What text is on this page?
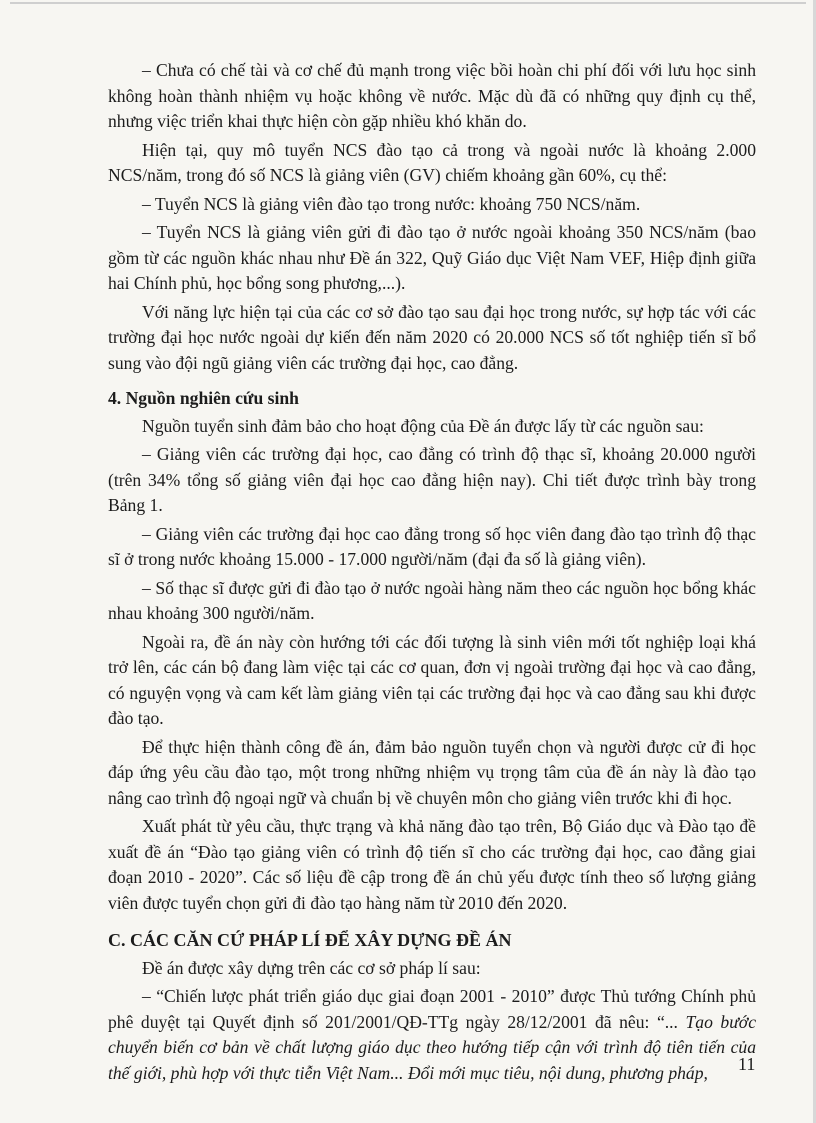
– Chưa có chế tài và cơ chế đủ mạnh trong việc bồi hoàn chi phí đối với lưu học sinh không hoàn thành nhiệm vụ hoặc không về nước. Mặc dù đã có những quy định cụ thể, nhưng việc triển khai thực hiện còn gặp nhiều khó khăn do.

Hiện tại, quy mô tuyển NCS đào tạo cả trong và ngoài nước là khoảng 2.000 NCS/năm, trong đó số NCS là giảng viên (GV) chiếm khoảng gần 60%, cụ thể:

– Tuyển NCS là giảng viên đào tạo trong nước: khoảng 750 NCS/năm.

– Tuyển NCS là giảng viên gửi đi đào tạo ở nước ngoài khoảng 350 NCS/năm (bao gồm từ các nguồn khác nhau như Đề án 322, Quỹ Giáo dục Việt Nam VEF, Hiệp định giữa hai Chính phủ, học bổng song phương,...).

Với năng lực hiện tại của các cơ sở đào tạo sau đại học trong nước, sự hợp tác với các trường đại học nước ngoài dự kiến đến năm 2020 có 20.000 NCS số tốt nghiệp tiến sĩ bổ sung vào đội ngũ giảng viên các trường đại học, cao đẳng.

4. Nguồn nghiên cứu sinh

Nguồn tuyển sinh đảm bảo cho hoạt động của Đề án được lấy từ các nguồn sau:

– Giảng viên các trường đại học, cao đẳng có trình độ thạc sĩ, khoảng 20.000 người (trên 34% tổng số giảng viên đại học cao đẳng hiện nay). Chi tiết được trình bày trong Bảng 1.

– Giảng viên các trường đại học cao đẳng trong số học viên đang đào tạo trình độ thạc sĩ ở trong nước khoảng 15.000 - 17.000 người/năm (đại đa số là giảng viên).

– Số thạc sĩ được gửi đi đào tạo ở nước ngoài hàng năm theo các nguồn học bổng khác nhau khoảng 300 người/năm.

Ngoài ra, đề án này còn hướng tới các đối tượng là sinh viên mới tốt nghiệp loại khá trở lên, các cán bộ đang làm việc tại các cơ quan, đơn vị ngoài trường đại học và cao đẳng, có nguyện vọng và cam kết làm giảng viên tại các trường đại học và cao đẳng sau khi được đào tạo.

Để thực hiện thành công đề án, đảm bảo nguồn tuyển chọn và người được cử đi học đáp ứng yêu cầu đào tạo, một trong những nhiệm vụ trọng tâm của đề án này là đào tạo nâng cao trình độ ngoại ngữ và chuẩn bị về chuyên môn cho giảng viên trước khi đi học.

Xuất phát từ yêu cầu, thực trạng và khả năng đào tạo trên, Bộ Giáo dục và Đào tạo đề xuất đề án “Đào tạo giảng viên có trình độ tiến sĩ cho các trường đại học, cao đẳng giai đoạn 2010 - 2020”. Các số liệu đề cập trong đề án chủ yếu được tính theo số lượng giảng viên được tuyển chọn gửi đi đào tạo hàng năm từ 2010 đến 2020.

C. CÁC CĂN CỨ PHÁP LÍ ĐỂ XÂY DỰNG ĐỀ ÁN

Đề án được xây dựng trên các cơ sở pháp lí sau:

– “Chiến lược phát triển giáo dục giai đoạn 2001 - 2010” được Thủ tướng Chính phủ phê duyệt tại Quyết định số 201/2001/QĐ-TTg ngày 28/12/2001 đã nêu: “... Tạo bước chuyển biến cơ bản về chất lượng giáo dục theo hướng tiếp cận với trình độ tiên tiến của thế giới, phù hợp với thực tiễn Việt Nam... Đổi mới mục tiêu, nội dung, phương pháp,	11
